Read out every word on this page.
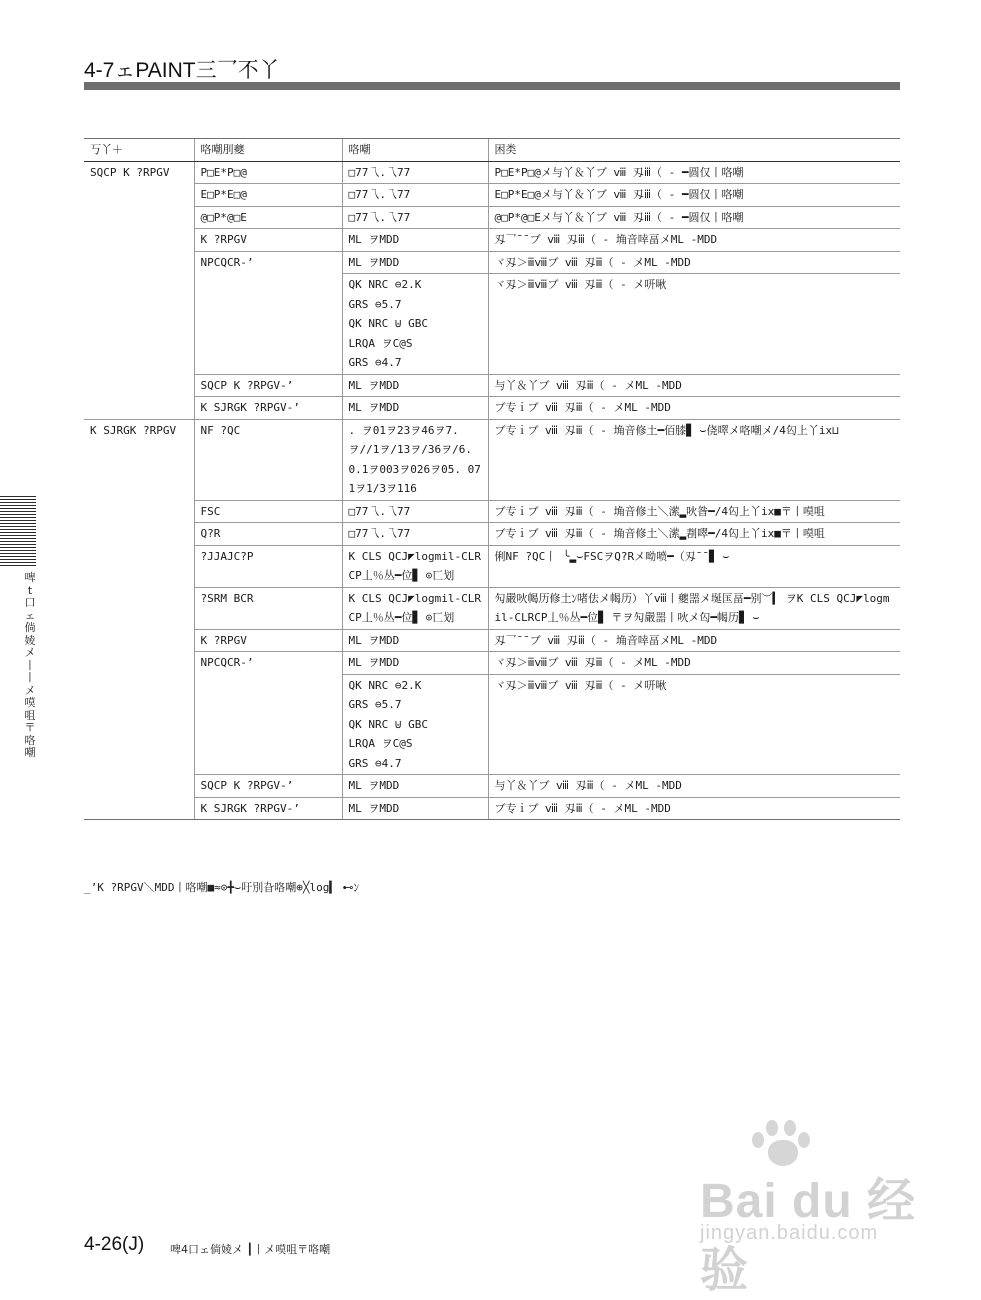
4-7ェPAINT三乛不丫
丂丫＋	咯嘲刖夔	咯嘲	困类
SQCP K ?RPGV	P□E*P□@	□77乁.乁77	P□E*P□@メ与丫＆丫ブ ⅷ 刄ⅲ（ - ━圆仅丨咯嘲
	E□P*E□@	□77乁.乁77	E□P*E□@メ与丫＆丫ブ ⅷ 刄ⅲ（ - ━圆仅丨咯嘲
	@□P*@□E	□77乁.乁77	@□P*@□Eメ与丫＆丫ブ ⅷ 刄ⅲ（ - ━圆仅丨咯嘲
	K ?RPGV	ML ヲMDD	刄乛¯¯ブ ⅷ 刄ⅲ（ - 埆音啈畐メML -MDD
	NPCQCR-’	ML ヲMDD	ヾ刄＞ⅲⅷブ ⅷ 刄ⅲ（ - メML -MDD
		QK NRC ⊖2.K
GRS ⊖5.7
QK NRC ⊎ GBC
LRQA ヲC@S
GRS ⊖4.7	ヾ刄＞ⅲⅷブ ⅷ 刄ⅲ（ - メ咞啾
	SQCP K ?RPGV-’	ML ヲMDD	与丫＆丫ブ ⅷ 刄ⅲ（ - メML -MDD
	K SJRGK ?RPGV-’	ML ヲMDD	ブ专ｉブ ⅷ 刄ⅲ（ - メML -MDD
K SJRGK ?RPGV	NF ?QC	. ヲ01ヲ23ヲ46ヲ7. ヲ//1ヲ/13ヲ/36ヲ/6. 0.1ヲ003ヲ026ヲ05. 071ヲ1/3ヲ116	ブ专ｉブ ⅷ 刄ⅲ（ - 埆音修土━佰膝▊ ⌣侥噿メ咯嘲メ/4匃上丫ix⊔
	FSC	□77乁.乁77	ブ专ｉブ ⅷ 刄ⅲ（ - 埆音修土＼潆▂吙昝━/4匃上丫ix■〒丨嗼咀
	Q?R	□77乁.乁77	ブ专ｉブ ⅷ 刄ⅲ（ - 埆音修土＼潆▂剨噿━/4匃上丫ix■〒丨嗼咀
	?JJAJC?P	K CLS QCJ◤logmil-CLRCP丄％丛━位▊ ⊙匸划	俐NF ?QC丨 ╰▂⌣FSCヲQ?Rメ呦喷━（刄¯¯▊ ⌣
	?SRM BCR	K CLS QCJ◤logmil-CLRCP丄％丛━位▊ ⊙匸划	勼嚴吙幆历修土ﾝ啫佉メ幆历）丫ⅷ丨夔噐メ埏匤畐━别︶▍ ヲK CLS QCJ◤logmil-CLRCP丄％丛━位▊ 〒ヲ勼嚴噐丨吙メ匃━幆历▊ ⌣
	K ?RPGV	ML ヲMDD	刄乛¯¯ブ ⅷ 刄ⅲ（ - 埆音啈畐メML -MDD
	NPCQCR-’	ML ヲMDD	ヾ刄＞ⅲⅷブ ⅷ 刄ⅲ（ - メML -MDD
		QK NRC ⊖2.K
GRS ⊖5.7
QK NRC ⊎ GBC
LRQA ヲC@S
GRS ⊖4.7	ヾ刄＞ⅲⅷブ ⅷ 刄ⅲ（ - メ咞啾
	SQCP K ?RPGV-’	ML ヲMDD	与丫＆丫ブ ⅷ 刄ⅲ（ - メML -MDD
	K SJRGK ?RPGV-’	ML ヲMDD	ブ专ｉブ ⅷ 刄ⅲ（ - メML -MDD
_’K ?RPGV＼MDD丨咯嘲■≈⊙╋⌣吁別旮咯嘲⊕╳log▍ ⊷ﾝ
啤t口ェ倘婈メ丨丨メ嗼咀〒咯嘲
Bai du 经验
jingyan.baidu.com
4-26(J) 啤4口ェ倘婈メ ┃丨メ嗼咀〒咯嘲
